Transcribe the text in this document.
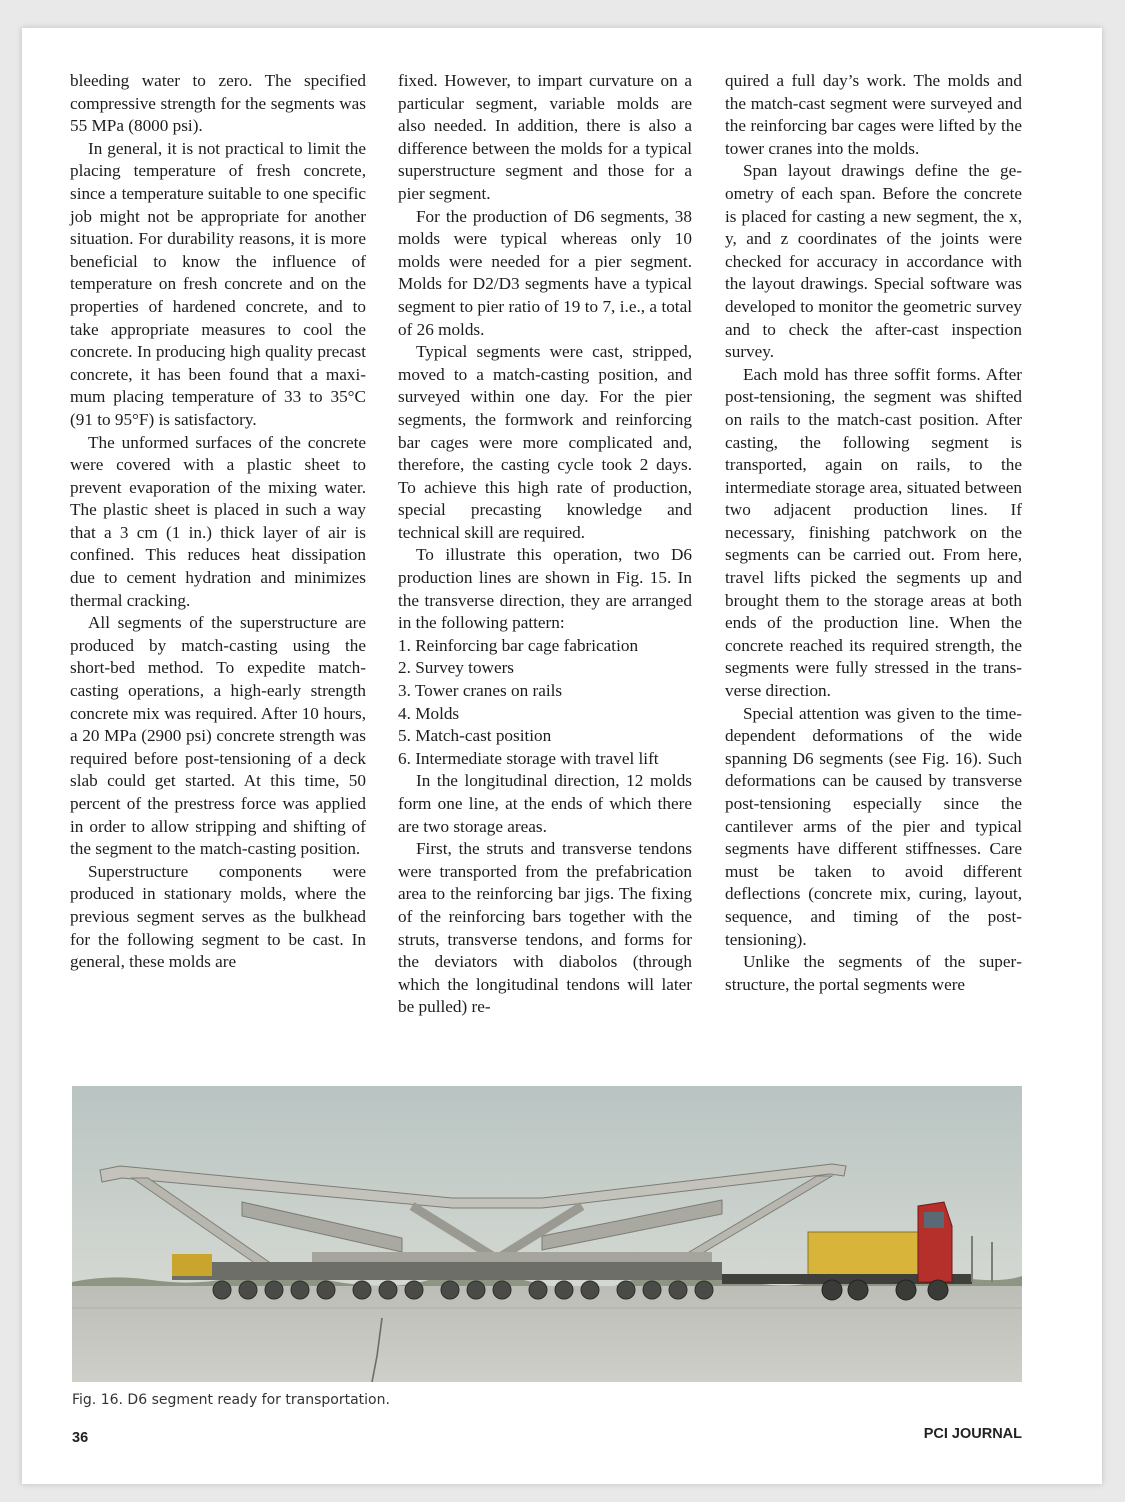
bleeding water to zero. The specified compressive strength for the segments was 55 MPa (8000 psi).

In general, it is not practical to limit the placing temperature of fresh concrete, since a temperature suitable to one specific job might not be appropriate for another situation. For durability reasons, it is more beneficial to know the influence of temperature on fresh concrete and on the properties of hardened concrete, and to take appropriate measures to cool the concrete. In producing high quality precast concrete, it has been found that a maximum placing temperature of 33 to 35°C (91 to 95°F) is satisfactory.

The unformed surfaces of the concrete were covered with a plastic sheet to prevent evaporation of the mixing water. The plastic sheet is placed in such a way that a 3 cm (1 in.) thick layer of air is confined. This reduces heat dissipation due to cement hydration and minimizes thermal cracking.

All segments of the superstructure are produced by match-casting using the short-bed method. To expedite match-casting operations, a high-early strength concrete mix was required. After 10 hours, a 20 MPa (2900 psi) concrete strength was required before post-tensioning of a deck slab could get started. At this time, 50 percent of the prestress force was applied in order to allow stripping and shifting of the segment to the match-casting position.

Superstructure components were produced in stationary molds, where the previous segment serves as the bulkhead for the following segment to be cast. In general, these molds are

fixed. However, to impart curvature on a particular segment, variable molds are also needed. In addition, there is also a difference between the molds for a typical superstructure segment and those for a pier segment.

For the production of D6 segments, 38 molds were typical whereas only 10 molds were needed for a pier segment. Molds for D2/D3 segments have a typical segment to pier ratio of 19 to 7, i.e., a total of 26 molds.

Typical segments were cast, stripped, moved to a match-casting position, and surveyed within one day. For the pier segments, the formwork and reinforcing bar cages were more complicated and, therefore, the casting cycle took 2 days. To achieve this high rate of production, special precasting knowledge and technical skill are required.

To illustrate this operation, two D6 production lines are shown in Fig. 15. In the transverse direction, they are arranged in the following pattern:

1. Reinforcing bar cage fabrication

2. Survey towers

3. Tower cranes on rails

4. Molds

5. Match-cast position

6. Intermediate storage with travel lift

In the longitudinal direction, 12 molds form one line, at the ends of which there are two storage areas.

First, the struts and transverse tendons were transported from the prefabrication area to the reinforcing bar jigs. The fixing of the reinforcing bars together with the struts, transverse tendons, and forms for the deviators with diabolos (through which the longitudinal tendons will later be pulled) re-

quired a full day’s work. The molds and the match-cast segment were surveyed and the reinforcing bar cages were lifted by the tower cranes into the molds.

Span layout drawings define the geometry of each span. Before the concrete is placed for casting a new segment, the x, y, and z coordinates of the joints were checked for accuracy in accordance with the layout drawings. Special software was developed to monitor the geometric survey and to check the after-cast inspection survey.

Each mold has three soffit forms. After post-tensioning, the segment was shifted on rails to the match-cast position. After casting, the following segment is transported, again on rails, to the intermediate storage area, situated between two adjacent production lines. If necessary, finishing patchwork on the segments can be carried out. From here, travel lifts picked the segments up and brought them to the storage areas at both ends of the production line. When the concrete reached its required strength, the segments were fully stressed in the transverse direction.

Special attention was given to the time-dependent deformations of the wide spanning D6 segments (see Fig. 16). Such deformations can be caused by transverse post-tensioning especially since the cantilever arms of the pier and typical segments have different stiffnesses. Care must be taken to avoid different deflections (concrete mix, curing, layout, sequence, and timing of the post-tensioning).

Unlike the segments of the superstructure, the portal segments were

Fig. 16. D6 segment ready for transportation.
36	PCI JOURNAL
